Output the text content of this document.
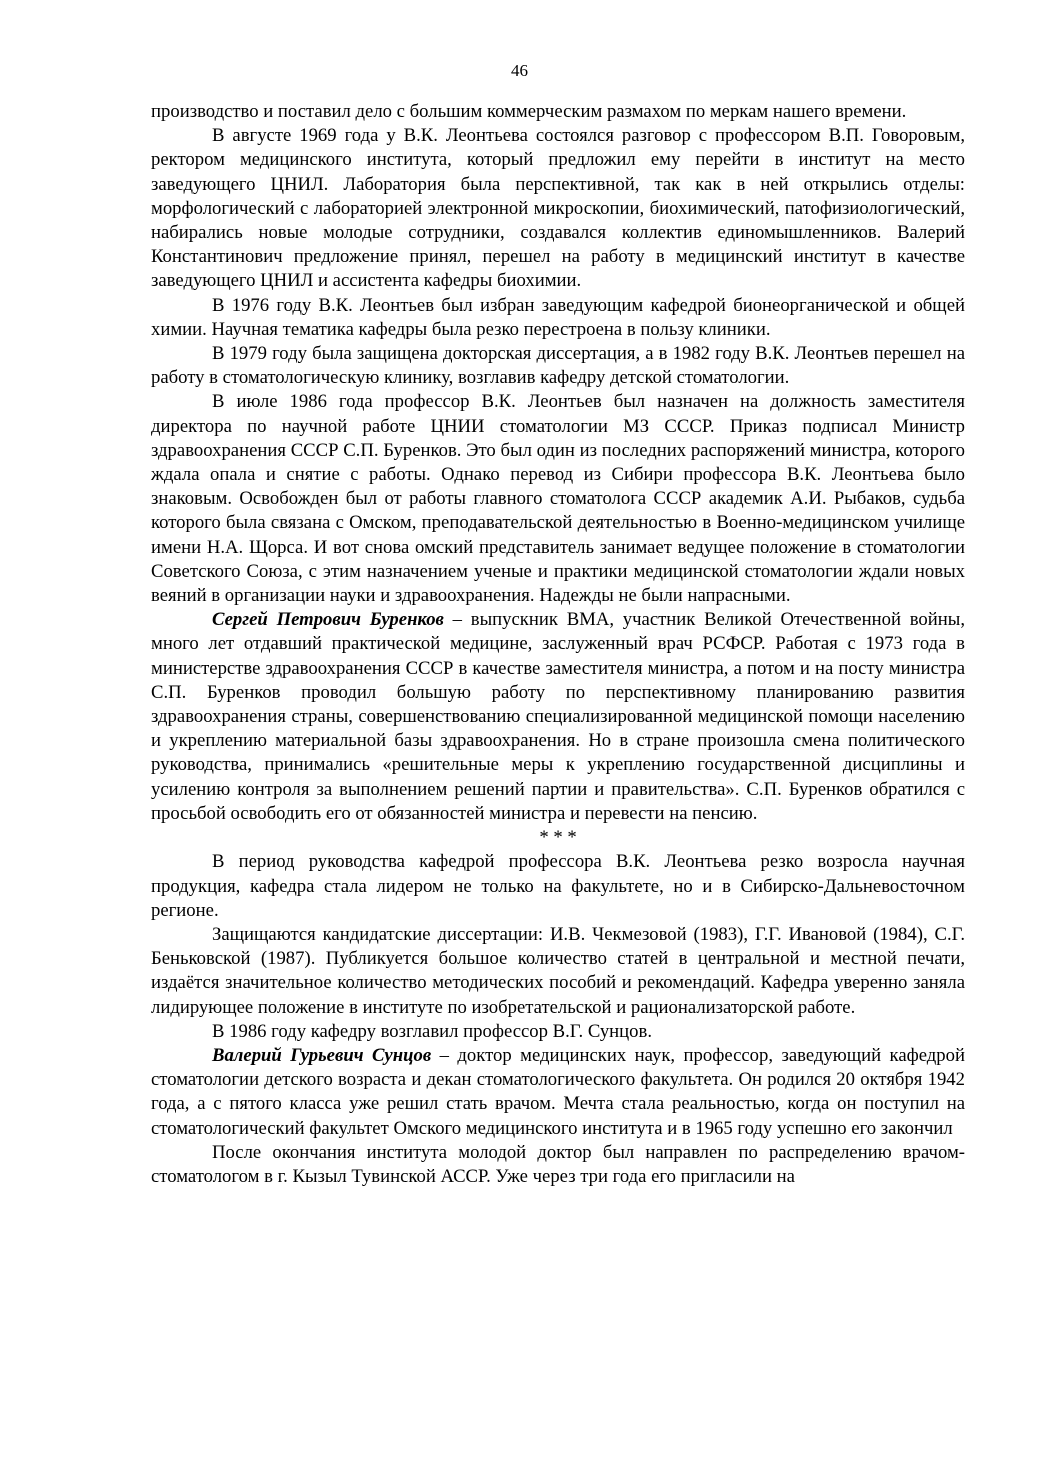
46

производство и поставил дело с большим коммерческим размахом по меркам нашего времени.

В августе 1969 года у В.К. Леонтьева состоялся разговор с профессором В.П. Говоровым, ректором медицинского института, который предложил ему перейти в институт на место заведующего ЦНИЛ. Лаборатория была перспективной, так как в ней открылись отделы: морфологический с лабораторией электронной микроскопии, биохимический, патофизиологический, набирались новые молодые сотрудники, создавался коллектив единомышленников. Валерий Константинович предложение принял, перешел на работу в медицинский институт в качестве заведующего ЦНИЛ и ассистента кафедры биохимии.

В 1976 году В.К. Леонтьев был избран заведующим кафедрой бионеорганической и общей химии. Научная тематика кафедры была резко перестроена в пользу клиники.

В 1979 году была защищена докторская диссертация, а в 1982 году В.К. Леонтьев перешел на работу в стоматологическую клинику, возглавив кафедру детской стоматологии.

В июле 1986 года профессор В.К. Леонтьев был назначен на должность заместителя директора по научной работе ЦНИИ стоматологии МЗ СССР. Приказ подписал Министр здравоохранения СССР С.П. Буренков. Это был один из последних распоряжений министра, которого ждала опала и снятие с работы. Однако перевод из Сибири профессора В.К. Леонтьева было знаковым. Освобожден был от работы главного стоматолога СССР академик А.И. Рыбаков, судьба которого была связана с Омском, преподавательской деятельностью в Военно-медицинском училище имени Н.А. Щорса. И вот снова омский представитель занимает ведущее положение в стоматологии Советского Союза, с этим назначением ученые и практики медицинской стоматологии ждали новых веяний в организации науки и здравоохранения. Надежды не были напрасными.

Сергей Петрович Буренков – выпускник ВМА, участник Великой Отечественной войны, много лет отдавший практической медицине, заслуженный врач РСФСР. Работая с 1973 года в министерстве здравоохранения СССР в качестве заместителя министра, а потом и на посту министра С.П. Буренков проводил большую работу по перспективному планированию развития здравоохранения страны, совершенствованию специализированной медицинской помощи населению и укреплению материальной базы здравоохранения. Но в стране произошла смена политического руководства, принимались «решительные меры к укреплению государственной дисциплины и усилению контроля за выполнением решений партии и правительства». С.П. Буренков обратился с просьбой освободить его от обязанностей министра и перевести на пенсию.

* * *

В период руководства кафедрой профессора В.К. Леонтьева резко возросла научная продукция, кафедра стала лидером не только на факультете, но и в Сибирско-Дальневосточном регионе.

Защищаются кандидатские диссертации: И.В. Чекмезовой (1983), Г.Г. Ивановой (1984), С.Г. Беньковской (1987). Публикуется большое количество статей в центральной и местной печати, издаётся значительное количество методических пособий и рекомендаций. Кафедра уверенно заняла лидирующее положение в институте по изобретательской и рационализаторской работе.

В 1986 году кафедру возглавил профессор В.Г. Сунцов.

Валерий Гурьевич Сунцов – доктор медицинских наук, профессор, заведующий кафедрой стоматологии детского возраста и декан стоматологического факультета. Он родился 20 октября 1942 года, а с пятого класса уже решил стать врачом. Мечта стала реальностью, когда он поступил на стоматологический факультет Омского медицинского института и в 1965 году успешно его закончил

После окончания института молодой доктор был направлен по распределению врачом-стоматологом в г. Кызыл Тувинской АССР. Уже через три года его пригласили на
